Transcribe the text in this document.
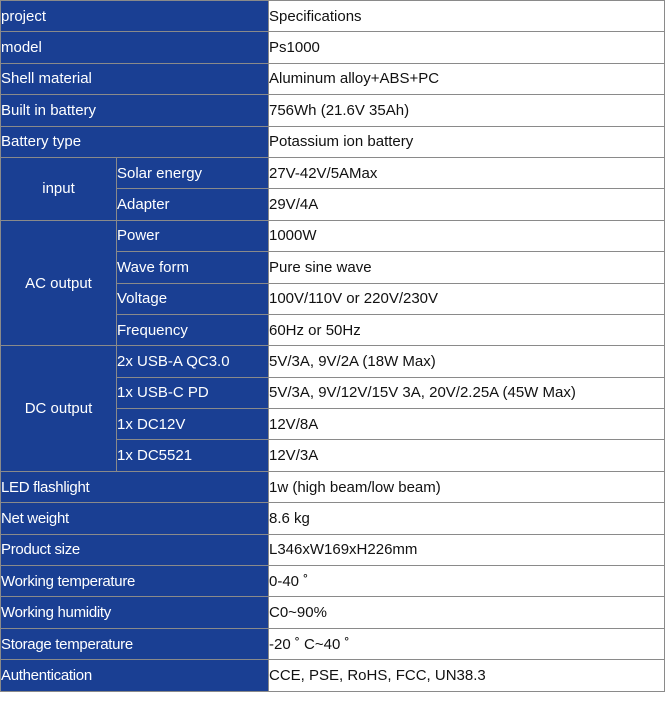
project		Specifications
model		Ps1000
Shell material		Aluminum alloy+ABS+PC
Built in battery		756Wh (21.6V 35Ah)
Battery type		Potassium ion battery
input	Solar energy	27V-42V/5AMax
	Adapter	29V/4A
AC output	Power	1000W
	Wave form	Pure sine wave
	Voltage	100V/110V or 220V/230V
	Frequency	60Hz or 50Hz
DC output	2x USB-A QC3.0	5V/3A, 9V/2A (18W Max)
	1x USB-C PD	5V/3A, 9V/12V/15V 3A, 20V/2.25A (45W Max)
	1x DC12V	12V/8A
	1x DC5521	12V/3A
LED flashlight		1w (high beam/low beam)
Net weight		8.6 kg
Product size		L346xW169xH226mm
Working temperature		0-40 ˚
Working humidity		C0~90%
Storage temperature		-20 ˚ C~40 ˚
Authentication		CCE, PSE, RoHS, FCC, UN38.3
